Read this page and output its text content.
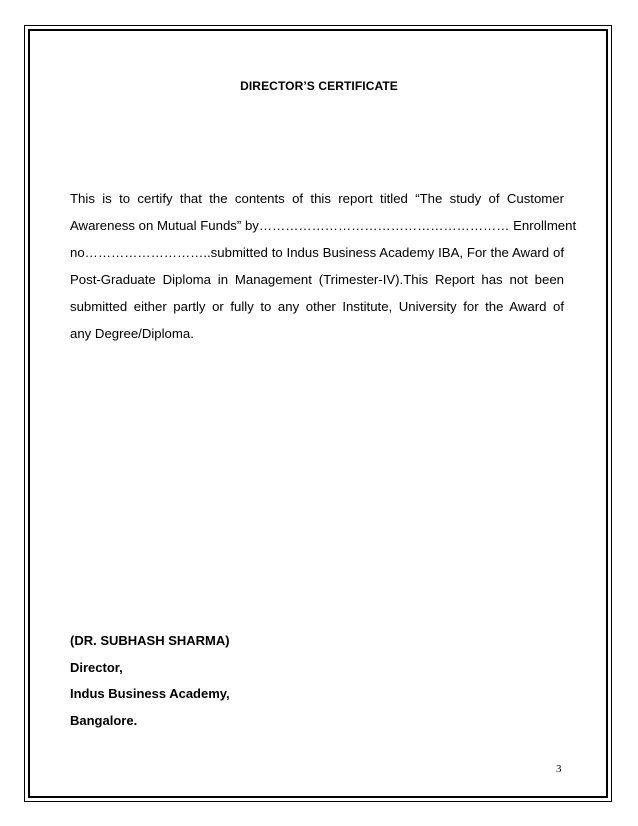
DIRECTOR’S CERTIFICATE
This is to certify that the contents of this report titled “The study of Customer
Awareness on Mutual Funds” by………………………………………………… Enrollment
no………………………..submitted to Indus Business Academy IBA, For the Award of
Post-Graduate Diploma in Management (Trimester-IV).This Report has not been
submitted either partly or fully to any other Institute, University for the Award of
any Degree/Diploma.
(DR. SUBHASH SHARMA)
Director,
Indus Business Academy,
Bangalore.
3
